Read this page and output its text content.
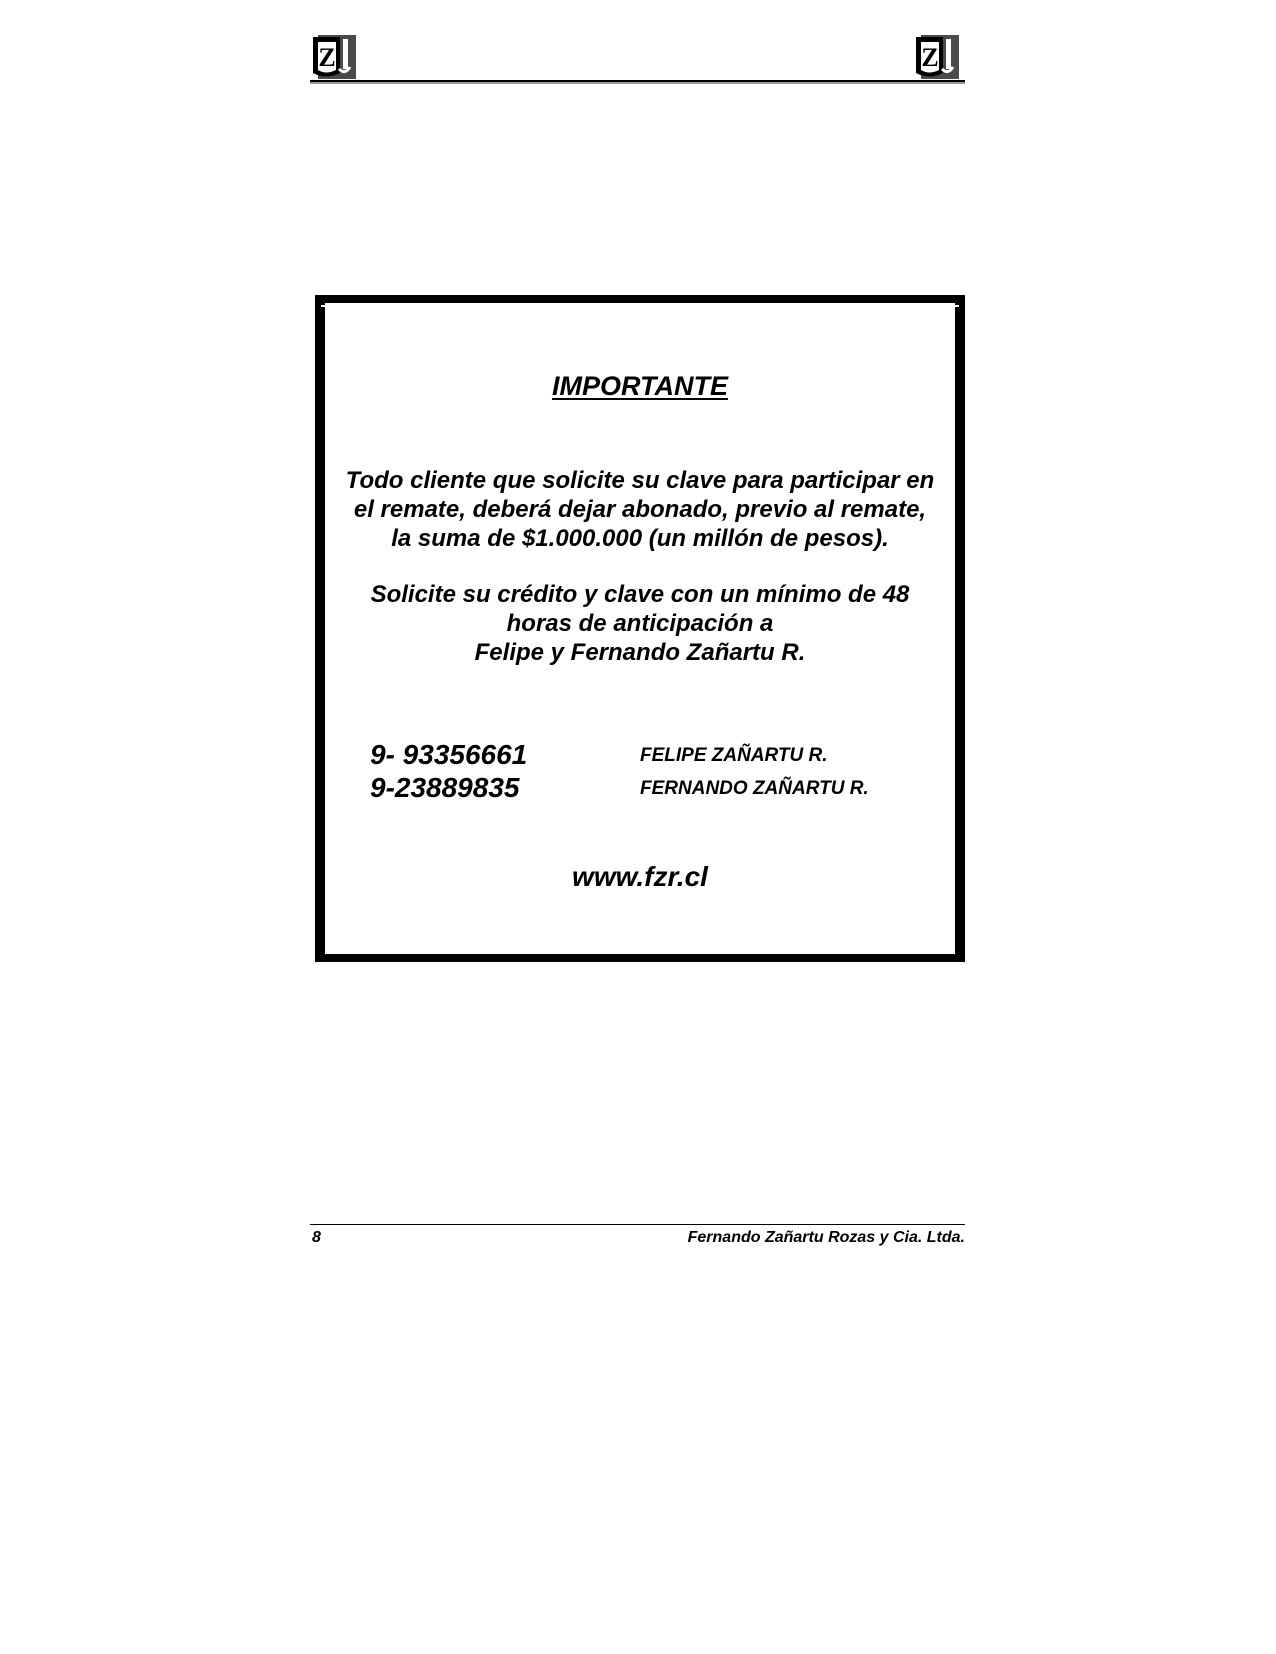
Z	Z
IMPORTANTE

Todo cliente que solicite su clave para participar en
el remate, deberá dejar abonado, previo al remate,
la suma de $1.000.000 (un millón de pesos).

Solicite su crédito y clave con un mínimo de 48
horas de anticipación a
Felipe y Fernando Zañartu R.

9- 93356661	FELIPE ZAÑARTU R.
9-23889835	FERNANDO ZAÑARTU R.

www.fzr.cl

8	Fernando Zañartu Rozas y Cia. Ltda.
